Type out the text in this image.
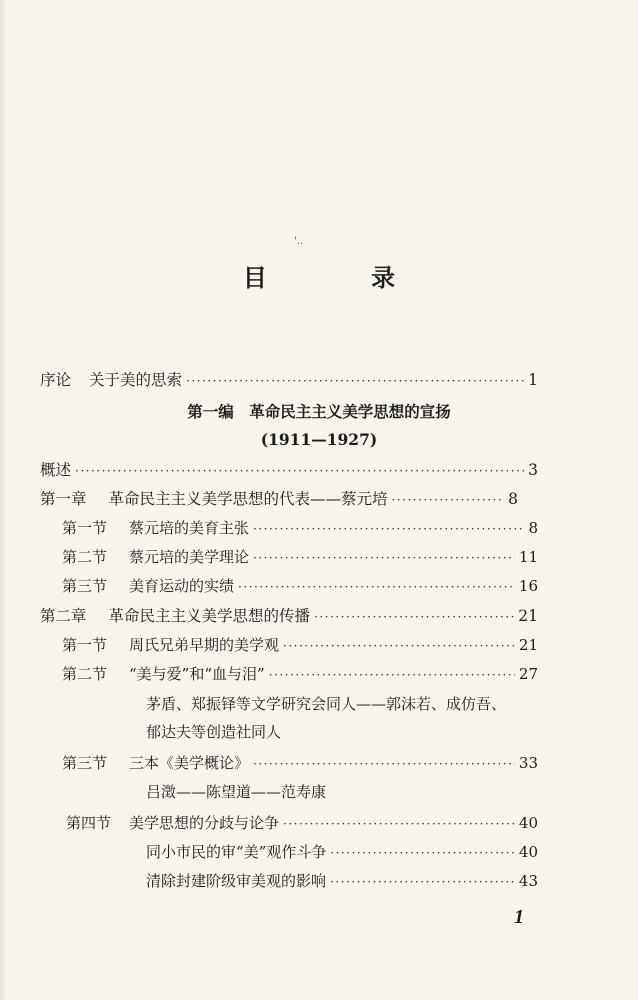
'..
目 录
序论 关于美的思索 ·····	1
第一编　革命民主主义美学思想的宣扬
(1911—1927)
概述 ·····	3
第一章 革命民主主义美学思想的代表——蔡元培 ·····	8
第一节 蔡元培的美育主张 ·····	8
第二节 蔡元培的美学理论 ·····	11
第三节 美育运动的实绩 ·····	16
第二章 革命民主主义美学思想的传播 ·····	21
第一节 周氏兄弟早期的美学观 ·····	21
第二节 “美与爱”和“血与泪” ·····	27
茅盾、郑振铎等文学研究会同人——郭沫若、成仿吾、
郁达夫等创造社同人
第三节 三本《美学概论》 ·····	33
吕澂——陈望道——范寿康
第四节 美学思想的分歧与论争 ·····	40
同小市民的审“美”观作斗争 ·····	40
清除封建阶级审美观的影响 ·····	43
1
